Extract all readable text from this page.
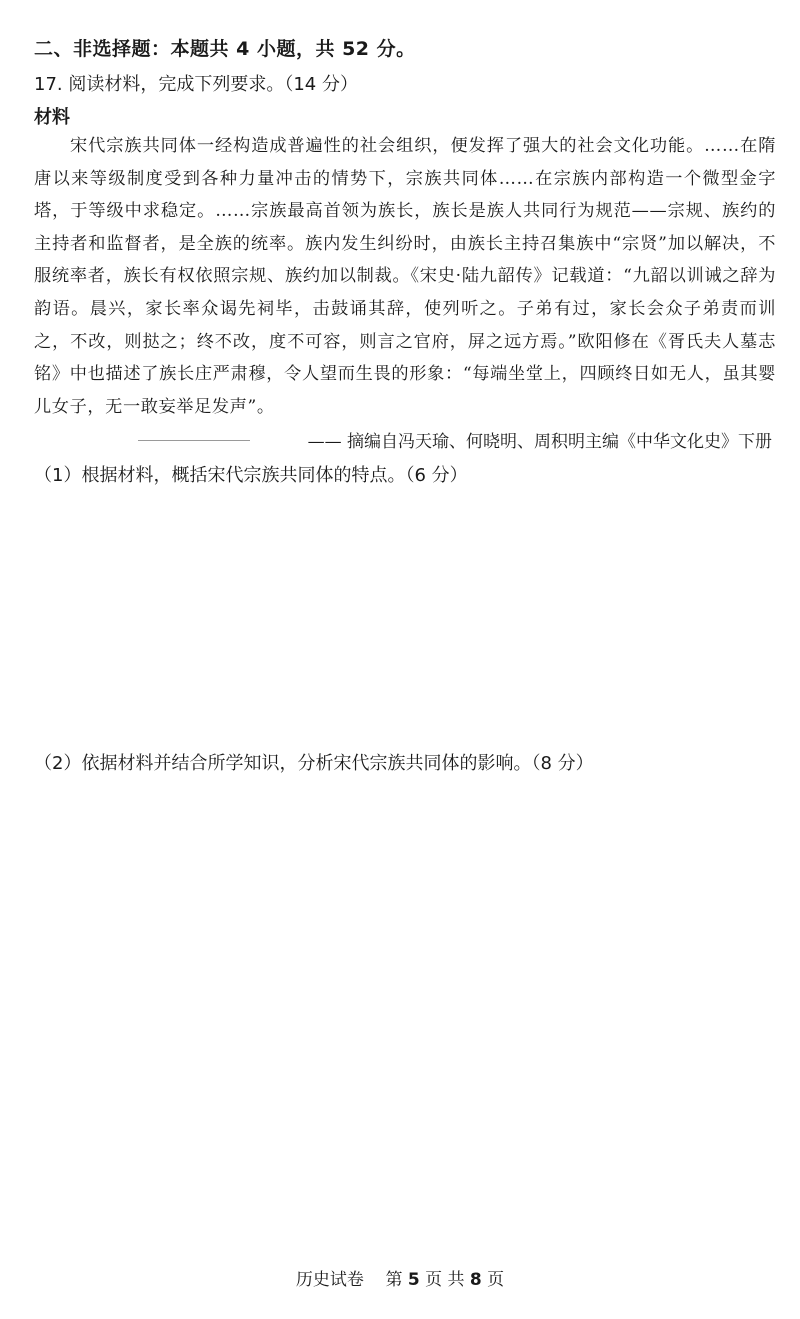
二、非选择题：本题共 4 小题，共 52 分。
17. 阅读材料，完成下列要求。（14 分）
材料
宋代宗族共同体一经构造成普遍性的社会组织，便发挥了强大的社会文化功能。……在隋唐以来等级制度受到各种力量冲击的情势下，宗族共同体……在宗族内部构造一个微型金字塔，于等级中求稳定。……宗族最高首领为族长，族长是族人共同行为规范——宗规、族约的主持者和监督者，是全族的统率。族内发生纠纷时，由族长主持召集族中“宗贤”加以解决，不服统率者，族长有权依照宗规、族约加以制裁。《宋史·陆九韶传》记载道：“九韶以训诫之辞为韵语。晨兴，家长率众谒先祠毕，击鼓诵其辞，使列听之。子弟有过，家长会众子弟责而训之，不改，则挞之；终不改，度不可容，则言之官府，屏之远方焉。”欧阳修在《胥氏夫人墓志铭》中也描述了族长庄严肃穆，令人望而生畏的形象：“每端坐堂上，四顾终日如无人，虽其婴儿女子，无一敢妄举足发声”。
—— 摘编自冯天瑜、何晓明、周积明主编《中华文化史》下册
（1）根据材料，概括宋代宗族共同体的特点。（6 分）
（2）依据材料并结合所学知识，分析宋代宗族共同体的影响。（8 分）
历史试卷 第 5 页 共 8 页
